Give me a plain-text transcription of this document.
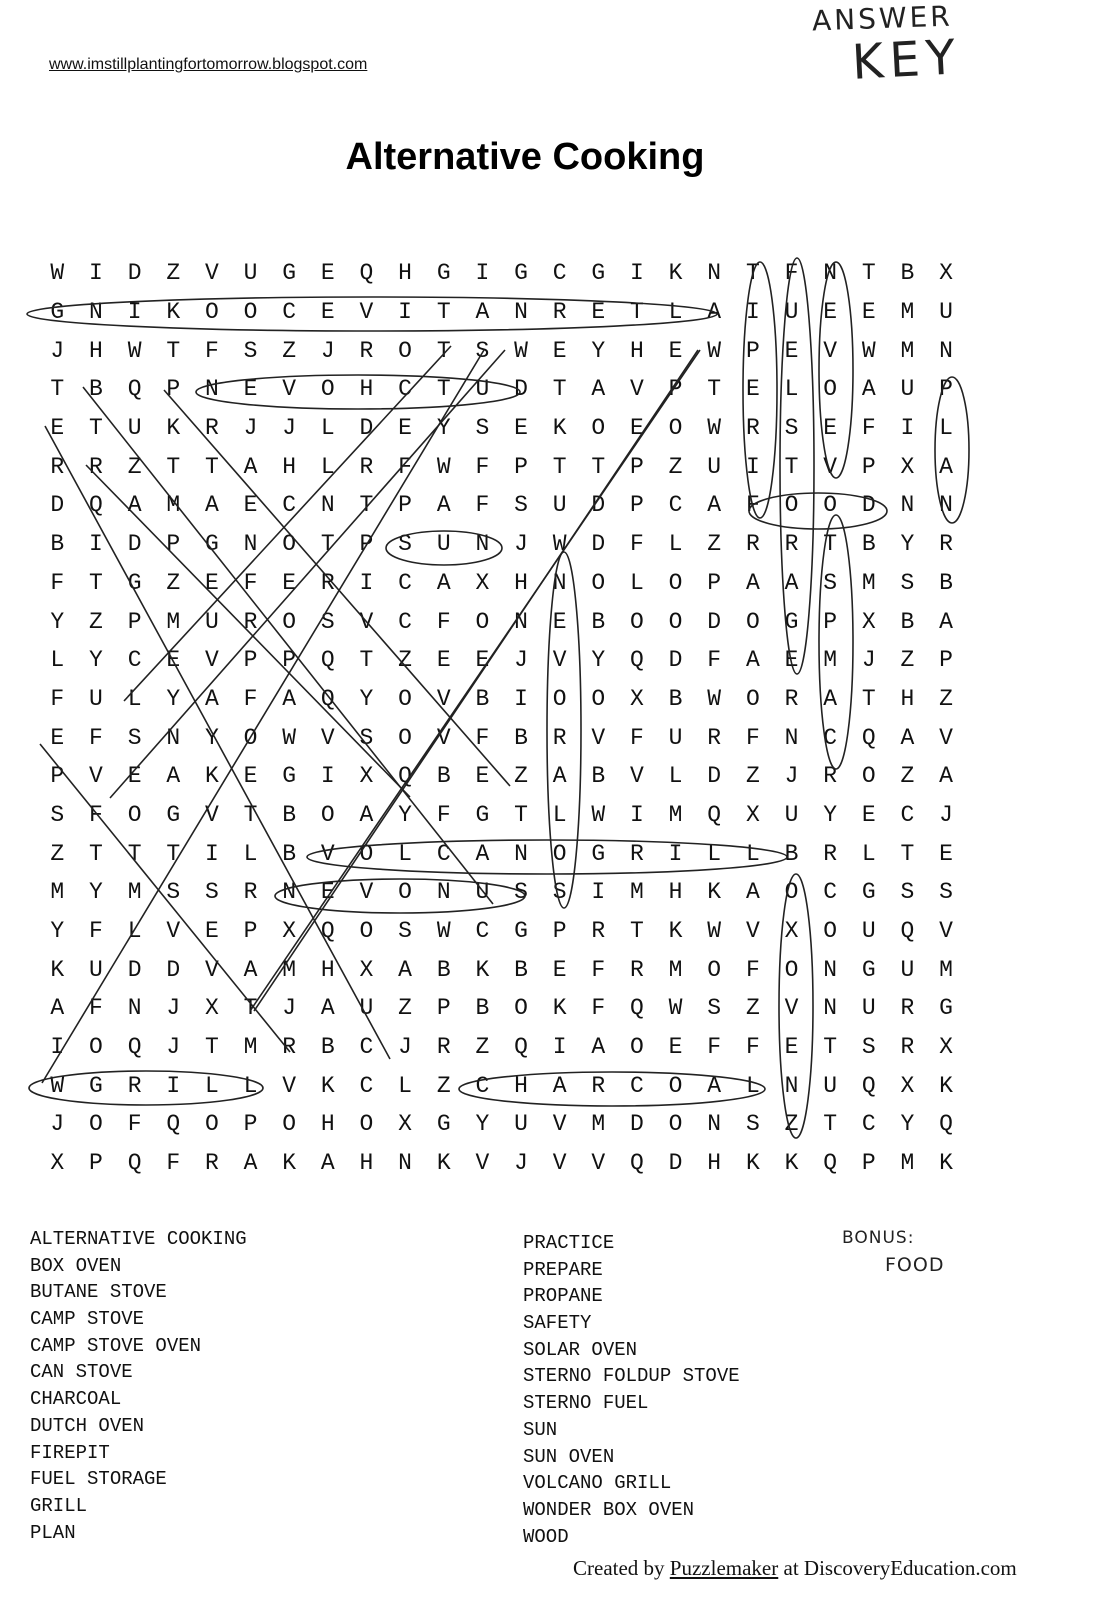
www.imstillplantingfortomorrow.blogspot.com
ANSWER
KEY
Alternative Cooking
W	I	D	Z	V	U	G	E	Q	H	G	I	G	C	G	I	K	N	T	F	N	T	B	X
G	N	I	K	O	O	C	E	V	I	T	A	N	R	E	T	L	A	I	U	E	E	M	U
J	H	W	T	F	S	Z	J	R	O	T	S	W	E	Y	H	E	W	P	E	V	W	M	N
T	B	Q	P	N	E	V	O	H	C	T	U	D	T	A	V	P	T	E	L	O	A	U	P
E	T	U	K	R	J	J	L	D	E	Y	S	E	K	O	E	O	W	R	S	E	F	I	L
R	R	Z	T	T	A	H	L	R	F	W	F	P	T	T	P	Z	U	I	T	V	P	X	A
D	Q	A	M	A	E	C	N	T	P	A	F	S	U	D	P	C	A	F	O	O	D	N	N
B	I	D	P	G	N	O	T	P	S	U	N	J	W	D	F	L	Z	R	R	T	B	Y	R
F	T	G	Z	E	F	E	R	I	C	A	X	H	N	O	L	O	P	A	A	S	M	S	B
Y	Z	P	M	U	R	O	S	V	C	F	O	N	E	B	O	O	D	O	G	P	X	B	A
L	Y	C	E	V	P	P	Q	T	Z	E	E	J	V	Y	Q	D	F	A	E	M	J	Z	P
F	U	L	Y	A	F	A	Q	Y	O	V	B	I	O	O	X	B	W	O	R	A	T	H	Z
E	F	S	N	Y	O	W	V	S	O	V	F	B	R	V	F	U	R	F	N	C	Q	A	V
P	V	E	A	K	E	G	I	X	Q	B	E	Z	A	B	V	L	D	Z	J	R	O	Z	A
S	F	O	G	V	T	B	O	A	Y	F	G	T	L	W	I	M	Q	X	U	Y	E	C	J
Z	T	T	T	I	L	B	V	O	L	C	A	N	O	G	R	I	L	L	B	R	L	T	E
M	Y	M	S	S	R	N	E	V	O	N	U	S	S	I	M	H	K	A	O	C	G	S	S
Y	F	L	V	E	P	X	Q	O	S	W	C	G	P	R	T	K	W	V	X	O	U	Q	V
K	U	D	D	V	A	M	H	X	A	B	K	B	E	F	R	M	O	F	O	N	G	U	M
A	F	N	J	X	T	J	A	U	Z	P	B	O	K	F	Q	W	S	Z	V	N	U	R	G
I	O	Q	J	T	M	R	B	C	J	R	Z	Q	I	A	O	E	F	F	E	T	S	R	X
W	G	R	I	L	L	V	K	C	L	Z	C	H	A	R	C	O	A	L	N	U	Q	X	K
J	O	F	Q	O	P	O	H	O	X	G	Y	U	V	M	D	O	N	S	Z	T	C	Y	Q
X	P	Q	F	R	A	K	A	H	N	K	V	J	V	V	Q	D	H	K	K	Q	P	M	K
ALTERNATIVE COOKING
BOX OVEN
BUTANE STOVE
CAMP STOVE
CAMP STOVE OVEN
CAN STOVE
CHARCOAL
DUTCH OVEN
FIREPIT
FUEL STORAGE
GRILL
PLAN
PRACTICE
PREPARE
PROPANE
SAFETY
SOLAR OVEN
STERNO FOLDUP STOVE
STERNO FUEL
SUN
SUN OVEN
VOLCANO GRILL
WONDER BOX OVEN
WOOD
BONUS:
FOOD
Created by Puzzlemaker at DiscoveryEducation.com
